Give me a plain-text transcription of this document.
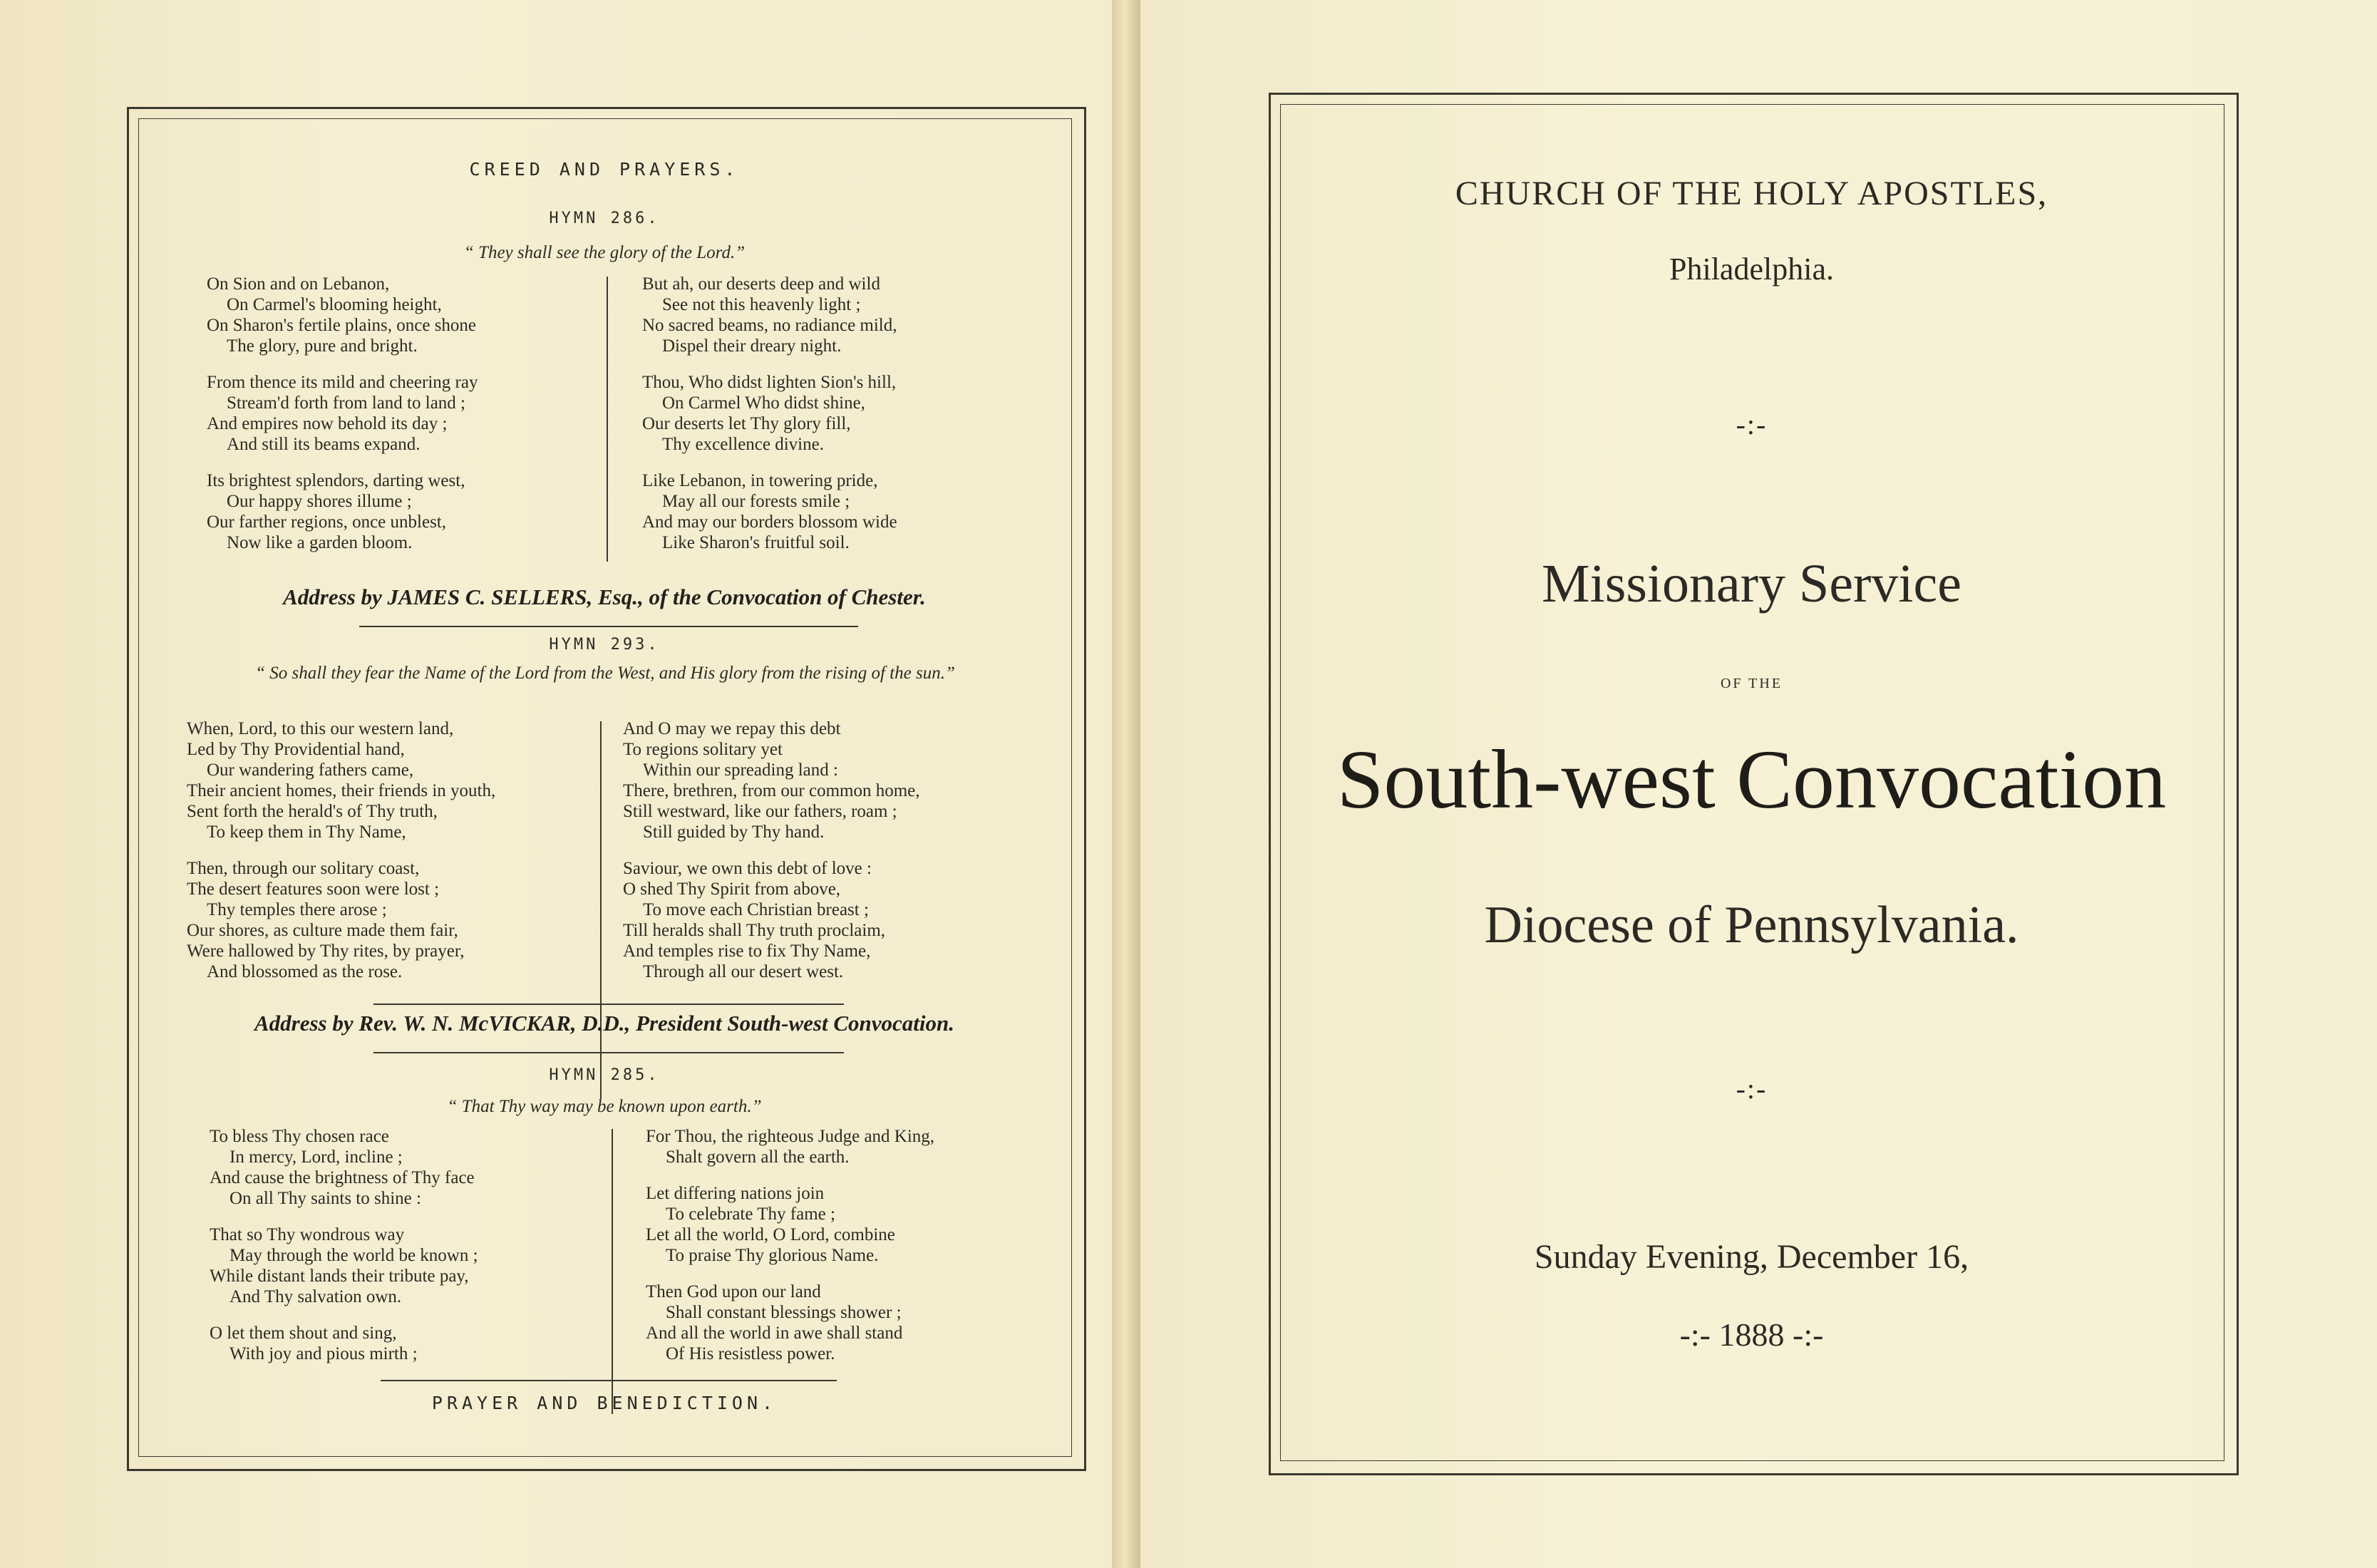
CREED AND PRAYERS.
HYMN 286.
“ They shall see the glory of the Lord.”
On Sion and on Lebanon,
On Carmel's blooming height,
On Sharon's fertile plains, once shone
The glory, pure and bright.
From thence its mild and cheering ray
Stream'd forth from land to land ;
And empires now behold its day ;
And still its beams expand.
Its brightest splendors, darting west,
Our happy shores illume ;
Our farther regions, once unblest,
Now like a garden bloom.
But ah, our deserts deep and wild
See not this heavenly light ;
No sacred beams, no radiance mild,
Dispel their dreary night.
Thou, Who didst lighten Sion's hill,
On Carmel Who didst shine,
Our deserts let Thy glory fill,
Thy excellence divine.
Like Lebanon, in towering pride,
May all our forests smile ;
And may our borders blossom wide
Like Sharon's fruitful soil.
Address by JAMES C. SELLERS, Esq., of the Convocation of Chester.
HYMN 293.
“ So shall they fear the Name of the Lord from the West, and His glory from the rising of the sun.”
When, Lord, to this our western land,
Led by Thy Providential hand,
Our wandering fathers came,
Their ancient homes, their friends in youth,
Sent forth the herald's of Thy truth,
To keep them in Thy Name,
Then, through our solitary coast,
The desert features soon were lost ;
Thy temples there arose ;
Our shores, as culture made them fair,
Were hallowed by Thy rites, by prayer,
And blossomed as the rose.
And O may we repay this debt
To regions solitary yet
Within our spreading land :
There, brethren, from our common home,
Still westward, like our fathers, roam ;
Still guided by Thy hand.
Saviour, we own this debt of love :
O shed Thy Spirit from above,
To move each Christian breast ;
Till heralds shall Thy truth proclaim,
And temples rise to fix Thy Name,
Through all our desert west.
Address by Rev. W. N. McVICKAR, D.D., President South-west Convocation.
HYMN 285.
“ That Thy way may be known upon earth.”
To bless Thy chosen race
In mercy, Lord, incline ;
And cause the brightness of Thy face
On all Thy saints to shine :
That so Thy wondrous way
May through the world be known ;
While distant lands their tribute pay,
And Thy salvation own.
O let them shout and sing,
With joy and pious mirth ;
For Thou, the righteous Judge and King,
Shalt govern all the earth.
Let differing nations join
To celebrate Thy fame ;
Let all the world, O Lord, combine
To praise Thy glorious Name.
Then God upon our land
Shall constant blessings shower ;
And all the world in awe shall stand
Of His resistless power.
PRAYER AND BENEDICTION.
CHURCH OF THE HOLY APOSTLES,
Philadelphia.
-:-
Missionary Service
OF THE
South-west Convocation
Diocese of Pennsylvania.
-:-
Sunday Evening, December 16,
-:- 1888 -:-
